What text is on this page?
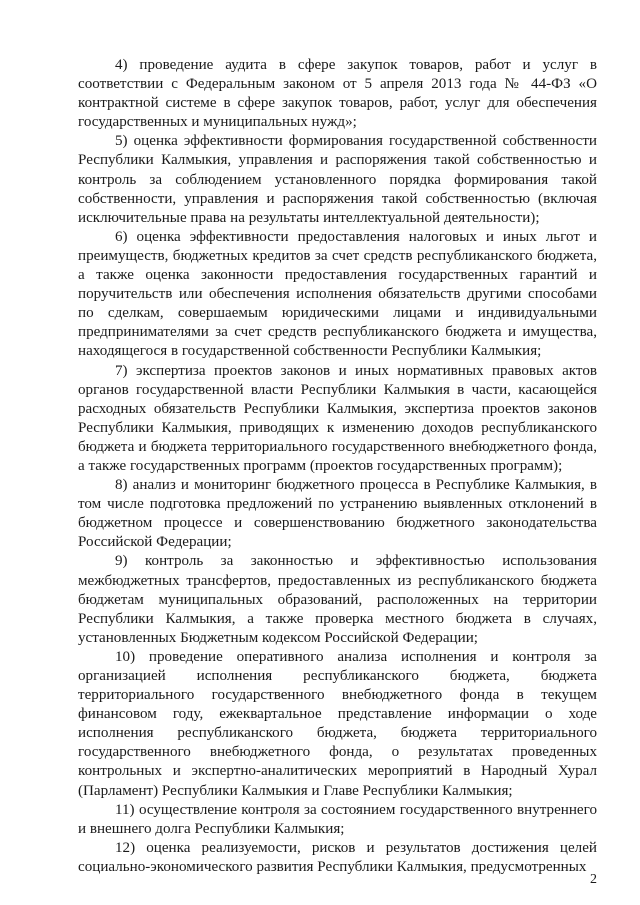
4) проведение аудита в сфере закупок товаров, работ и услуг в соответствии с Федеральным законом от 5 апреля 2013 года № 44-ФЗ «О контрактной системе в сфере закупок товаров, работ, услуг для обеспечения государственных и муниципальных нужд»;

5) оценка эффективности формирования государственной собственности Республики Калмыкия, управления и распоряжения такой собственностью и контроль за соблюдением установленного порядка формирования такой собственности, управления и распоряжения такой собственностью (включая исключительные права на результаты интеллектуальной деятельности);

6) оценка эффективности предоставления налоговых и иных льгот и преимуществ, бюджетных кредитов за счет средств республиканского бюджета, а также оценка законности предоставления государственных гарантий и поручительств или обеспечения исполнения обязательств другими способами по сделкам, совершаемым юридическими лицами и индивидуальными предпринимателями за счет средств республиканского бюджета и имущества, находящегося в государственной собственности Республики Калмыкия;

7) экспертиза проектов законов и иных нормативных правовых актов органов государственной власти Республики Калмыкия в части, касающейся расходных обязательств Республики Калмыкия, экспертиза проектов законов Республики Калмыкия, приводящих к изменению доходов республиканского бюджета и бюджета территориального государственного внебюджетного фонда, а также государственных программ (проектов государственных программ);

8) анализ и мониторинг бюджетного процесса в Республике Калмыкия, в том числе подготовка предложений по устранению выявленных отклонений в бюджетном процессе и совершенствованию бюджетного законодательства Российской Федерации;

9) контроль за законностью и эффективностью использования межбюджетных трансфертов, предоставленных из республиканского бюджета бюджетам муниципальных образований, расположенных на территории Республики Калмыкия, а также проверка местного бюджета в случаях, установленных Бюджетным кодексом Российской Федерации;

10) проведение оперативного анализа исполнения и контроля за организацией исполнения республиканского бюджета, бюджета территориального государственного внебюджетного фонда в текущем финансовом году, ежеквартальное представление информации о ходе исполнения республиканского бюджета, бюджета территориального государственного внебюджетного фонда, о результатах проведенных контрольных и экспертно-аналитических мероприятий в Народный Хурал (Парламент) Республики Калмыкия и Главе Республики Калмыкия;

11) осуществление контроля за состоянием государственного внутреннего и внешнего долга Республики Калмыкия;

12) оценка реализуемости, рисков и результатов достижения целей социально-экономического развития Республики Калмыкия, предусмотренных

2
